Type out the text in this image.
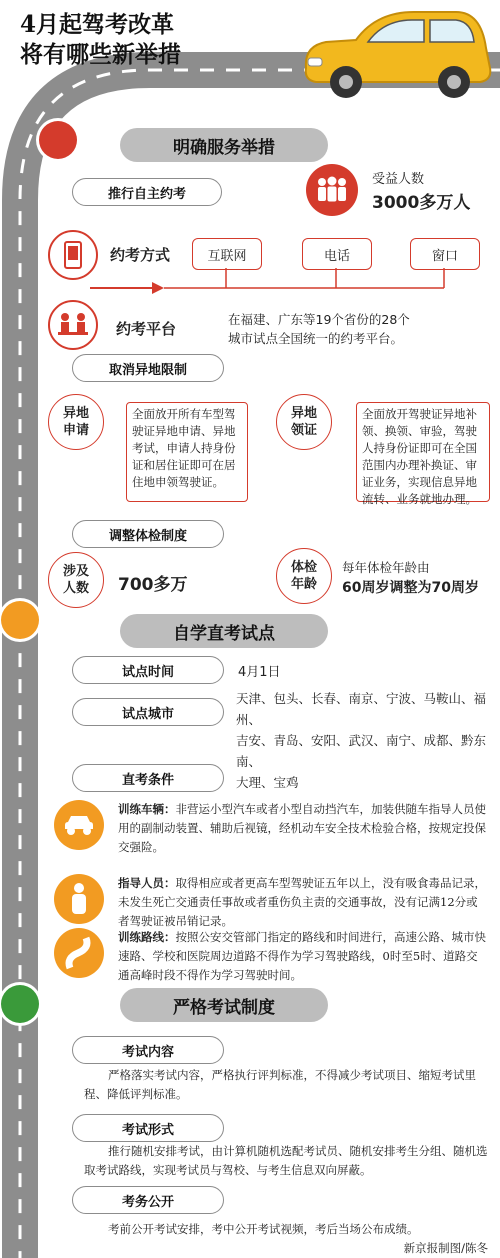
4月起驾考改革
将有哪些新举措
明确服务举措
推行自主约考
受益人数
3000多万人
约考方式	互联网	电话	窗口
约考平台
在福建、广东等19个省份的28个
城市试点全国统一的约考平台。
取消异地限制
异地申请
全面放开所有车型驾驶证异地申请、异地考试，申请人持身份证和居住证即可在居住地申领驾驶证。
异地领证
全面放开驾驶证异地补领、换领、审验，驾驶人持身份证即可在全国范围内办理补换证、审证业务，实现信息异地流转、业务就地办理。
调整体检制度
涉及人数 700多万
体检年龄
每年体检年龄由
60周岁调整为70周岁
自学直考试点
试点时间	4月1日
试点城市
天津、包头、长春、南京、宁波、马鞍山、福州、
吉安、青岛、安阳、武汉、南宁、成都、黔东南、
大理、宝鸡
直考条件
训练车辆：非营运小型汽车或者小型自动挡汽车，加装供随车指导人员使用的副制动装置、辅助后视镜，经机动车安全技术检验合格，按规定投保交强险。
指导人员：取得相应或者更高车型驾驶证五年以上，没有吸食毒品记录，未发生死亡交通责任事故或者重伤负主责的交通事故，没有记满12分或者驾驶证被吊销记录。
训练路线：按照公安交管部门指定的路线和时间进行，高速公路、城市快速路、学校和医院周边道路不得作为学习驾驶路线，0时至5时、道路交通高峰时段不得作为学习驾驶时间。
严格考试制度
考试内容
严格落实考试内容，严格执行评判标准，不得减少考试项目、缩短考试里程、降低评判标准。
考试形式
推行随机安排考试，由计算机随机选配考试员、随机安排考生分组、随机选取考试路线，实现考试员与驾校、与考生信息双向屏蔽。
考务公开
考前公开考试安排，考中公开考试视频，考后当场公布成绩。
新京报制图/陈冬
